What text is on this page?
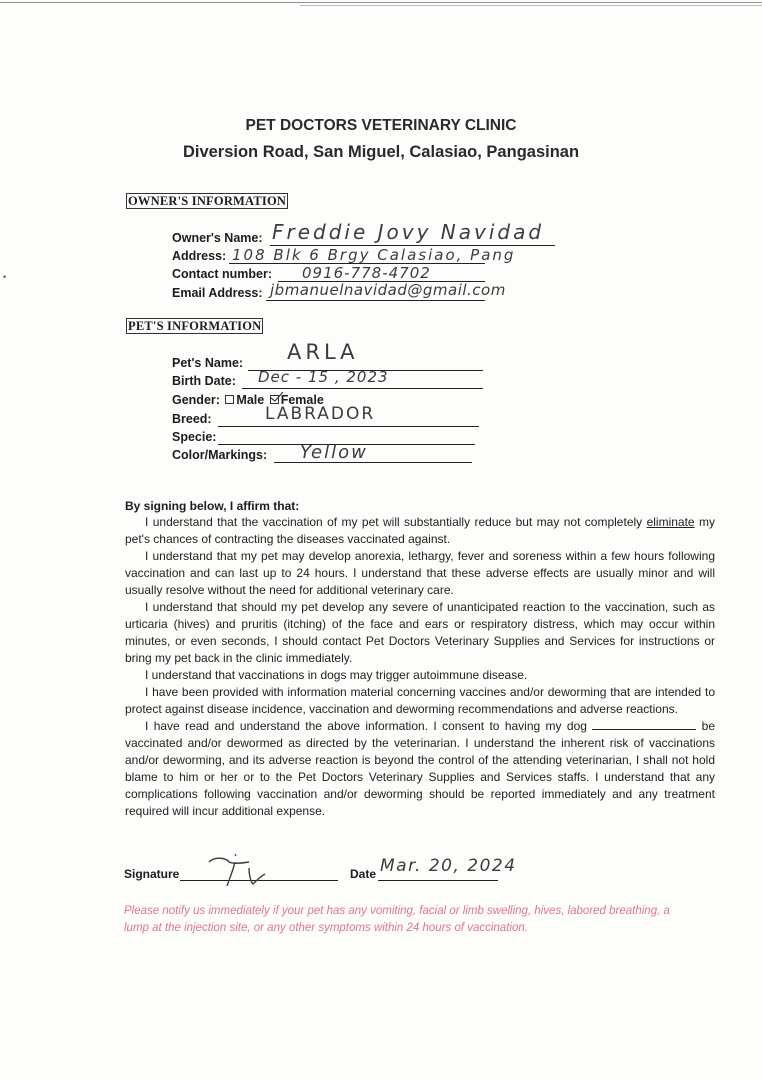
•
PET DOCTORS VETERINARY CLINIC
Diversion Road, San Miguel, Calasiao, Pangasinan
OWNER'S INFORMATION
Owner's Name: Freddie Jovy Navidad
Address: 108 Blk 6 Brgy Calasiao, Pang
Contact number: 0916-778-4702
Email Address: jbmanuelnavidad@gmail.com
PET'S INFORMATION
Pet's Name: ARLA
Birth Date: Dec - 15 , 2023
Gender: Male Female
Breed:	LABRADOR
Specie:
Color/Markings: Yellow
By signing below, I affirm that:

I understand that the vaccination of my pet will substantially reduce but may not completely eliminate my pet's chances of contracting the diseases vaccinated against.

I understand that my pet may develop anorexia, lethargy, fever and soreness within a few hours following vaccination and can last up to 24 hours. I understand that these adverse effects are usually minor and will usually resolve without the need for additional veterinary care.

I understand that should my pet develop any severe of unanticipated reaction to the vaccination, such as urticaria (hives) and pruritis (itching) of the face and ears or respiratory distress, which may occur within minutes, or even seconds, I should contact Pet Doctors Veterinary Supplies and Services for instructions or bring my pet back in the clinic immediately.

I understand that vaccinations in dogs may trigger autoimmune disease.

I have been provided with information material concerning vaccines and/or deworming that are intended to protect against disease incidence, vaccination and deworming recommendations and adverse reactions.

I have read and understand the above information. I consent to having my dog	be vaccinated and/or dewormed as directed by the veterinarian. I understand the inherent risk of vaccinations and/or deworming, and its adverse reaction is beyond the control of the attending veterinarian, I shall not hold blame to him or her or to the Pet Doctors Veterinary Supplies and Services staffs. I understand that any complications following vaccination and/or deworming should be reported immediately and any treatment required will incur additional expense.

Signature	Date Mar. 20, 2024
Please notify us immediately if your pet has any vomiting, facial or limb swelling, hives, labored breathing, a lump at the injection site, or any other symptoms within 24 hours of vaccination.
